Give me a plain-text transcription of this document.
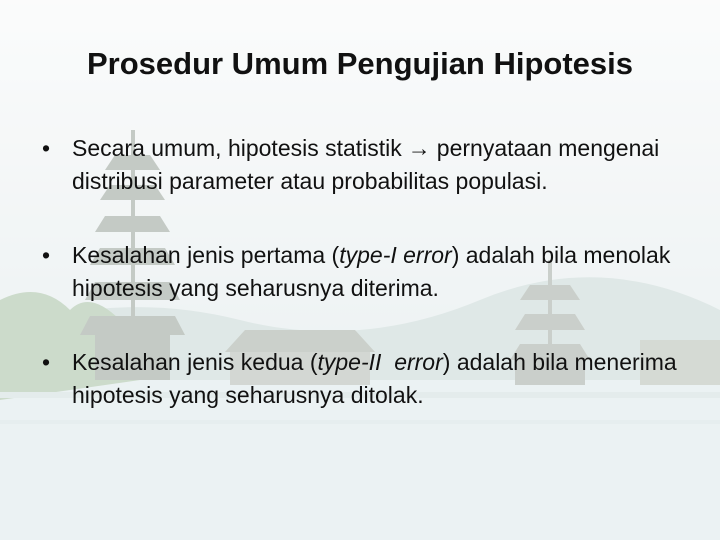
Prosedur Umum Pengujian Hipotesis
• Secara umum, hipotesis statistik → pernyataan mengenai distribusi parameter atau probabilitas populasi.
• Kesalahan jenis pertama (type-I error) adalah bila menolak hipotesis yang seharusnya diterima.
• Kesalahan jenis kedua (type-II  error) adalah bila menerima hipotesis yang seharusnya ditolak.
